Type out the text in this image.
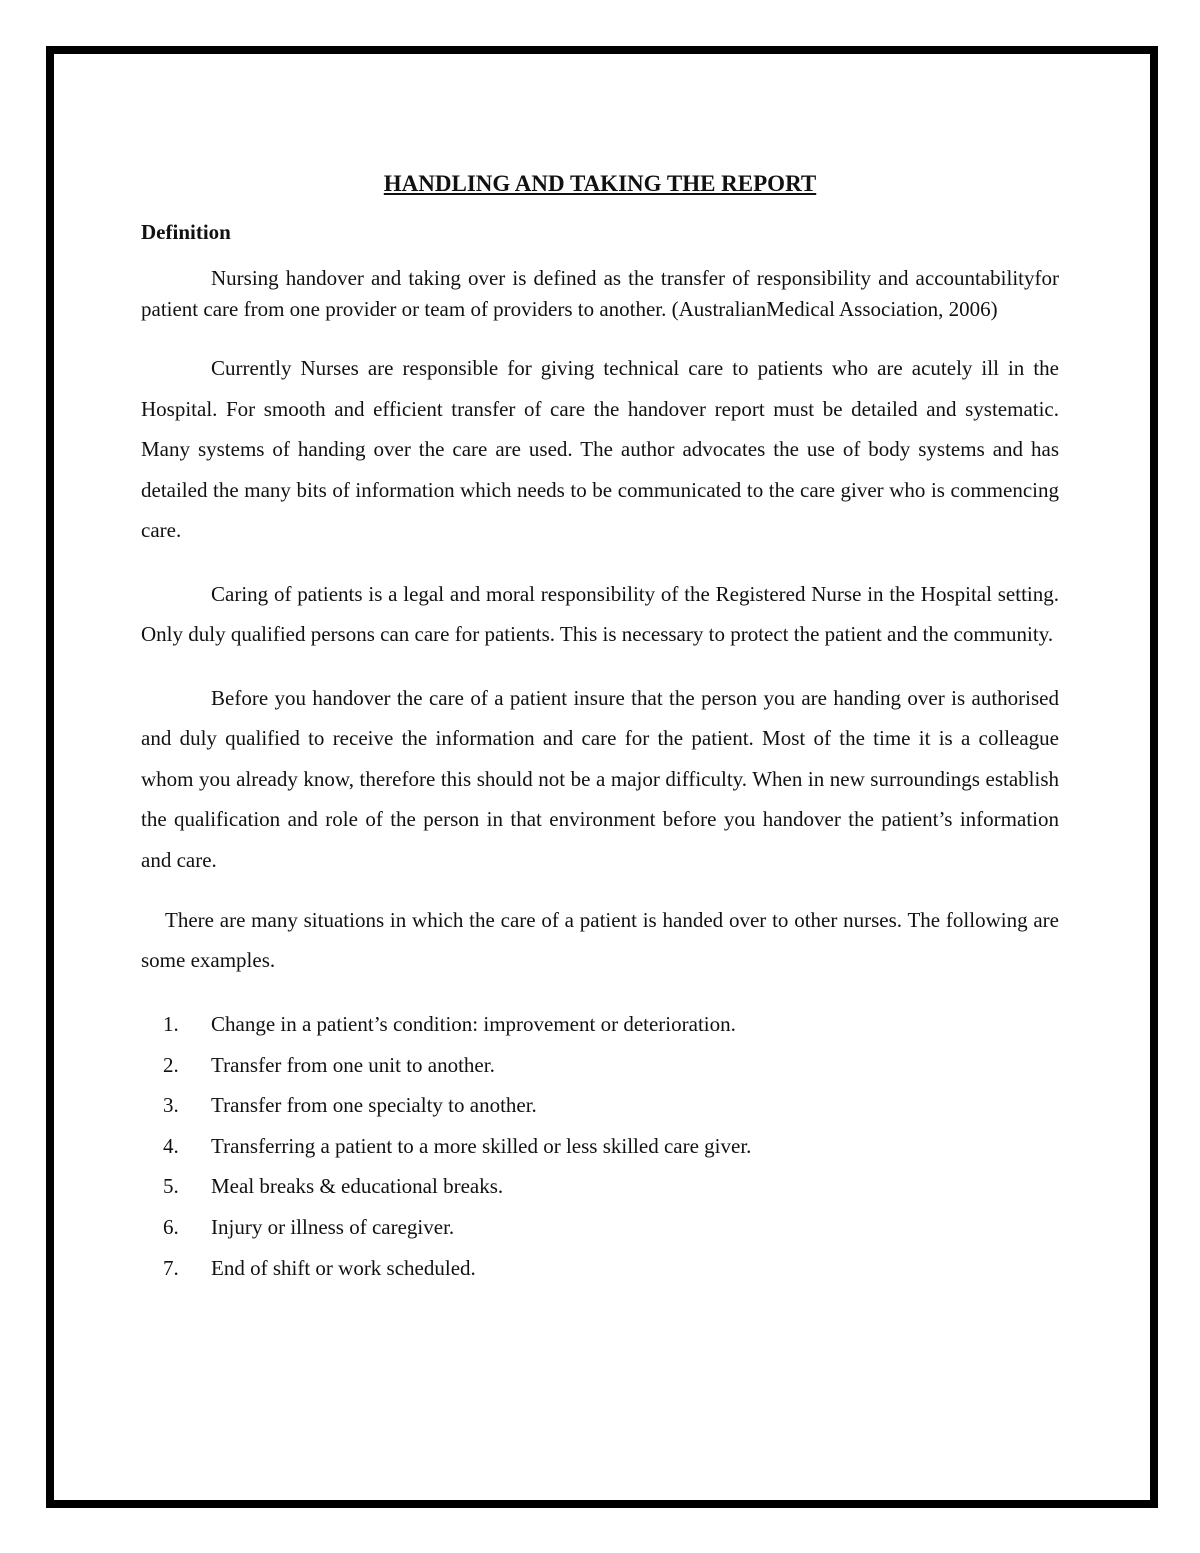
HANDLING AND TAKING THE REPORT
Definition

Nursing handover and taking over is defined as the transfer of responsibility and accountabilityfor patient care from one provider or team of providers to another. (AustralianMedical Association, 2006)

Currently Nurses are responsible for giving technical care to patients who are acutely ill in the Hospital. For smooth and efficient transfer of care the handover report must be detailed and systematic. Many systems of handing over the care are used. The author advocates the use of body systems and has detailed the many bits of information which needs to be communicated to the care giver who is commencing care.

Caring of patients is a legal and moral responsibility of the Registered Nurse in the Hospital setting. Only duly qualified persons can care for patients. This is necessary to protect the patient and the community.

Before you handover the care of a patient insure that the person you are handing over is authorised and duly qualified to receive the information and care for the patient. Most of the time it is a colleague whom you already know, therefore this should not be a major difficulty. When in new surroundings establish the qualification and role of the person in that environment before you handover the patient’s information and care.

There are many situations in which the care of a patient is handed over to other nurses. The following are some examples.

1. Change in a patient’s condition: improvement or deterioration.
2. Transfer from one unit to another.
3. Transfer from one specialty to another.
4. Transferring a patient to a more skilled or less skilled care giver.
5. Meal breaks & educational breaks.
6. Injury or illness of caregiver.
7. End of shift or work scheduled.
